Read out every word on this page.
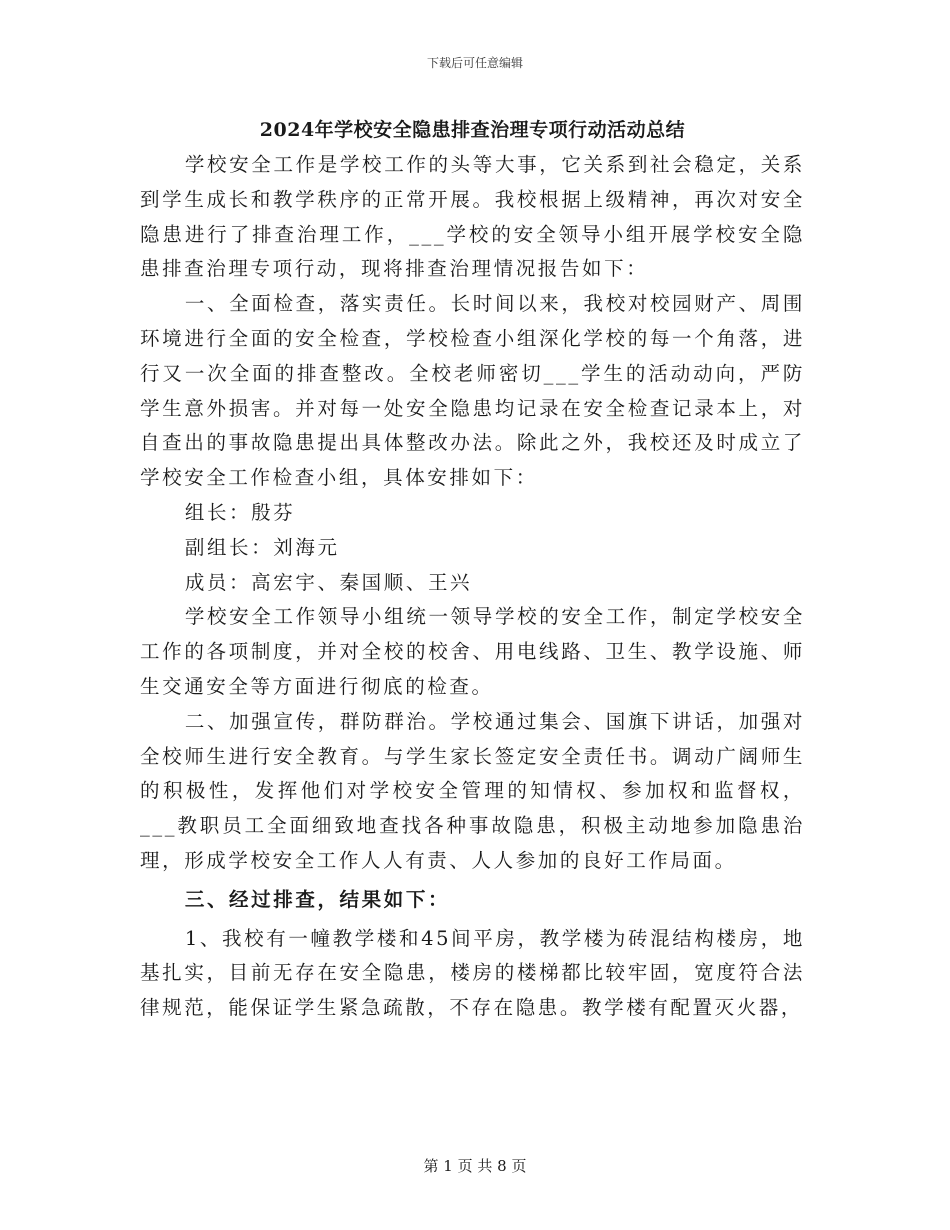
下载后可任意编辑
2024年学校安全隐患排查治理专项行动活动总结

学校安全工作是学校工作的头等大事，它关系到社会稳定，关系到学生成长和教学秩序的正常开展。我校根据上级精神，再次对安全隐患进行了排查治理工作，___学校的安全领导小组开展学校安全隐患排查治理专项行动，现将排查治理情况报告如下：

一、全面检查，落实责任。长时间以来，我校对校园财产、周围环境进行全面的安全检查，学校检查小组深化学校的每一个角落，进行又一次全面的排查整改。全校老师密切___学生的活动动向，严防学生意外损害。并对每一处安全隐患均记录在安全检查记录本上，对自查出的事故隐患提出具体整改办法。除此之外，我校还及时成立了学校安全工作检查小组，具体安排如下：

组长：殷芬

副组长：刘海元

成员：高宏宇、秦国顺、王兴

学校安全工作领导小组统一领导学校的安全工作，制定学校安全工作的各项制度，并对全校的校舍、用电线路、卫生、教学设施、师生交通安全等方面进行彻底的检查。

二、加强宣传，群防群治。学校通过集会、国旗下讲话，加强对全校师生进行安全教育。与学生家长签定安全责任书。调动广阔师生的积极性，发挥他们对学校安全管理的知情权、参加权和监督权，___教职员工全面细致地查找各种事故隐患，积极主动地参加隐患治理，形成学校安全工作人人有责、人人参加的良好工作局面。

三、经过排查，结果如下：

1、我校有一幢教学楼和45间平房，教学楼为砖混结构楼房，地基扎实，目前无存在安全隐患，楼房的楼梯都比较牢固，宽度符合法律规范，能保证学生紧急疏散，不存在隐患。教学楼有配置灭火器，

第 1 页 共 8 页
